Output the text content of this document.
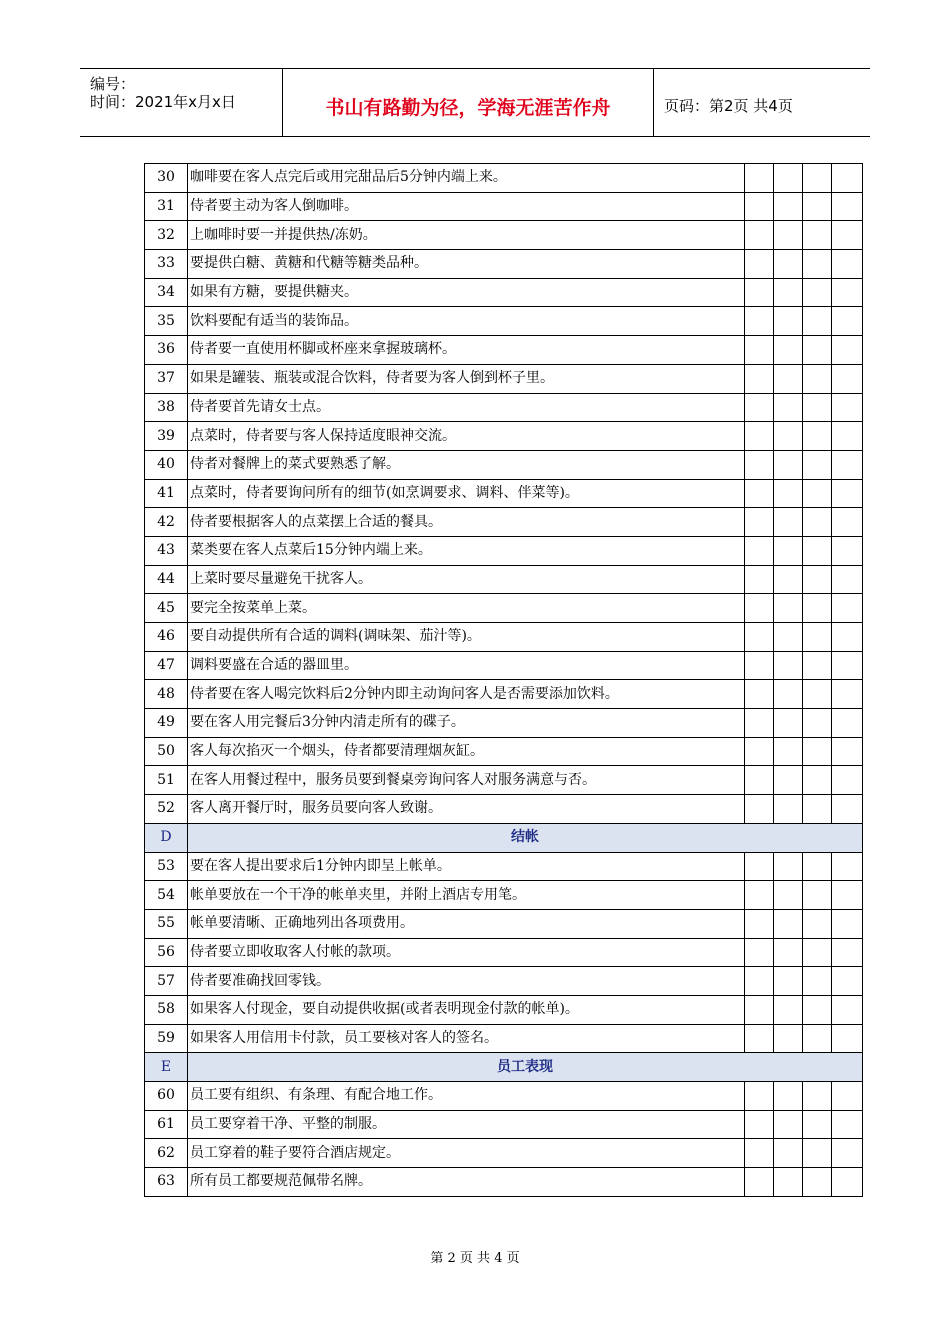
编号：
时间：2021年x月x日	书山有路勤为径，学海无涯苦作舟	页码：第2页 共4页
30	咖啡要在客人点完后或用完甜品后5分钟内端上来。				
31	侍者要主动为客人倒咖啡。				
32	上咖啡时要一并提供热/冻奶。				
33	要提供白糖、黄糖和代糖等糖类品种。				
34	如果有方糖，要提供糖夹。				
35	饮料要配有适当的装饰品。				
36	侍者要一直使用杯脚或杯座来拿握玻璃杯。				
37	如果是罐装、瓶装或混合饮料，侍者要为客人倒到杯子里。				
38	侍者要首先请女士点。				
39	点菜时，侍者要与客人保持适度眼神交流。				
40	侍者对餐牌上的菜式要熟悉了解。				
41	点菜时，侍者要询问所有的细节(如烹调要求、调料、伴菜等)。				
42	侍者要根据客人的点菜摆上合适的餐具。				
43	菜类要在客人点菜后15分钟内端上来。				
44	上菜时要尽量避免干扰客人。				
45	要完全按菜单上菜。				
46	要自动提供所有合适的调料(调味架、茄汁等)。				
47	调料要盛在合适的器皿里。				
48	侍者要在客人喝完饮料后2分钟内即主动询问客人是否需要添加饮料。				
49	要在客人用完餐后3分钟内清走所有的碟子。				
50	客人每次掐灭一个烟头，侍者都要清理烟灰缸。				
51	在客人用餐过程中，服务员要到餐桌旁询问客人对服务满意与否。				
52	客人离开餐厅时，服务员要向客人致谢。				
D	结帐				
53	要在客人提出要求后1分钟内即呈上帐单。				
54	帐单要放在一个干净的帐单夹里，并附上酒店专用笔。				
55	帐单要清晰、正确地列出各项费用。				
56	侍者要立即收取客人付帐的款项。				
57	侍者要准确找回零钱。				
58	如果客人付现金，要自动提供收据(或者表明现金付款的帐单)。				
59	如果客人用信用卡付款，员工要核对客人的签名。				
E	员工表现				
60	员工要有组织、有条理、有配合地工作。				
61	员工要穿着干净、平整的制服。				
62	员工穿着的鞋子要符合酒店规定。				
63	所有员工都要规范佩带名牌。				
第 2 页 共 4 页
